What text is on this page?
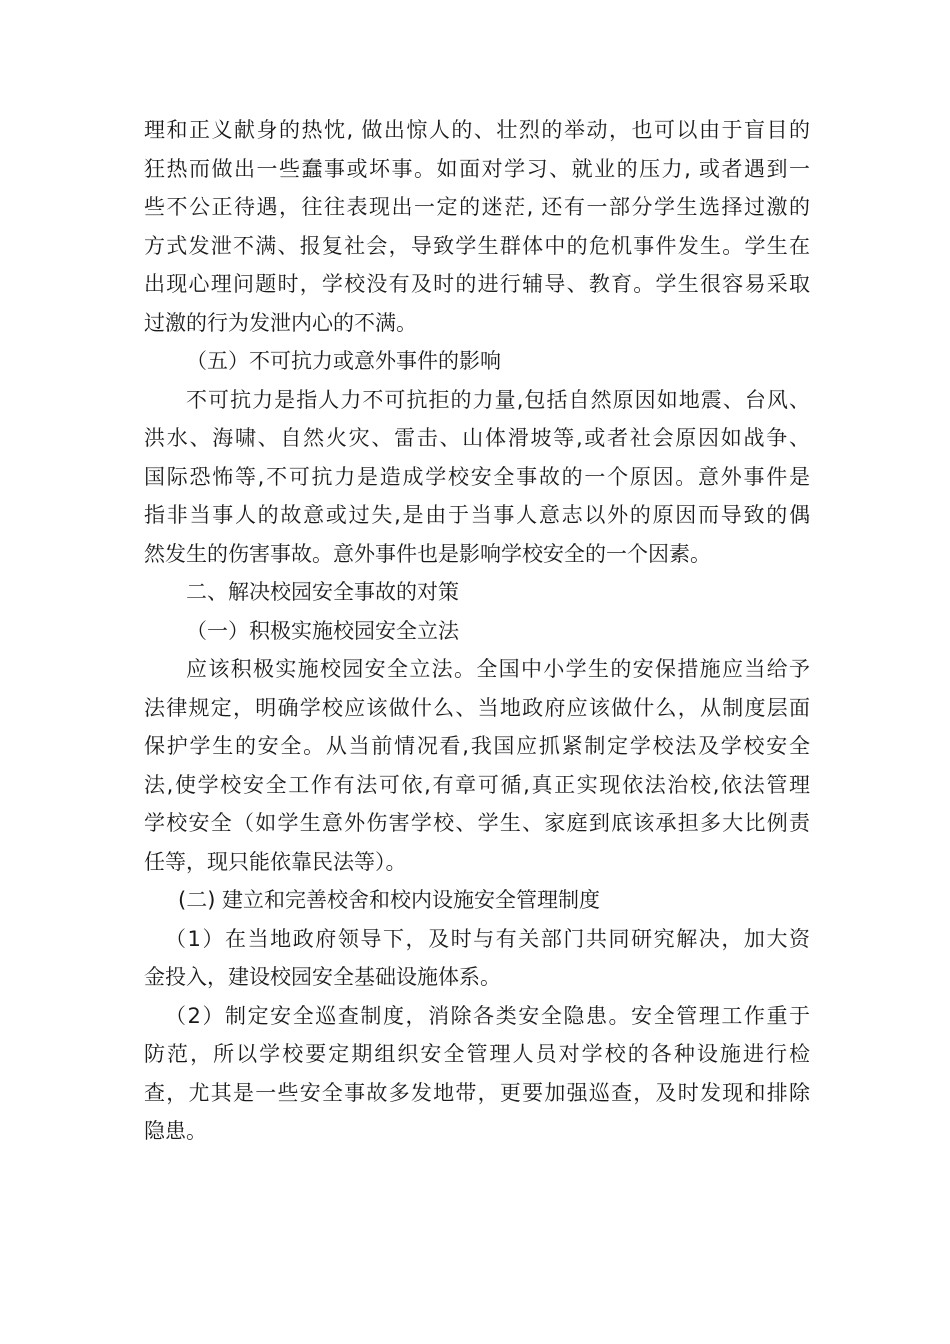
理和正义献身的热忱, 做出惊人的、壮烈的举动，也可以由于盲目的
狂热而做出一些蠢事或坏事。如面对学习、就业的压力, 或者遇到一
些不公正待遇，往往表现出一定的迷茫, 还有一部分学生选择过激的
方式发泄不满、报复社会，导致学生群体中的危机事件发生。学生在
出现心理问题时，学校没有及时的进行辅导、教育。学生很容易采取
过激的行为发泄内心的不满。
（五）不可抗力或意外事件的影响
不可抗力是指人力不可抗拒的力量,包括自然原因如地震、台风、
洪水、海啸、自然火灾、雷击、山体滑坡等,或者社会原因如战争、
国际恐怖等,不可抗力是造成学校安全事故的一个原因。意外事件是
指非当事人的故意或过失,是由于当事人意志以外的原因而导致的偶
然发生的伤害事故。意外事件也是影响学校安全的一个因素。
二、解决校园安全事故的对策
（一）积极实施校园安全立法
应该积极实施校园安全立法。全国中小学生的安保措施应当给予
法律规定，明确学校应该做什么、当地政府应该做什么，从制度层面
保护学生的安全。从当前情况看,我国应抓紧制定学校法及学校安全
法,使学校安全工作有法可依,有章可循,真正实现依法治校,依法管理
学校安全（如学生意外伤害学校、学生、家庭到底该承担多大比例责
任等，现只能依靠民法等）。
(二) 建立和完善校舍和校内设施安全管理制度
（1）在当地政府领导下，及时与有关部门共同研究解决，加大资
金投入，建设校园安全基础设施体系。
（2）制定安全巡查制度，消除各类安全隐患。安全管理工作重于
防范，所以学校要定期组织安全管理人员对学校的各种设施进行检
查，尤其是一些安全事故多发地带，更要加强巡查，及时发现和排除
隐患。
